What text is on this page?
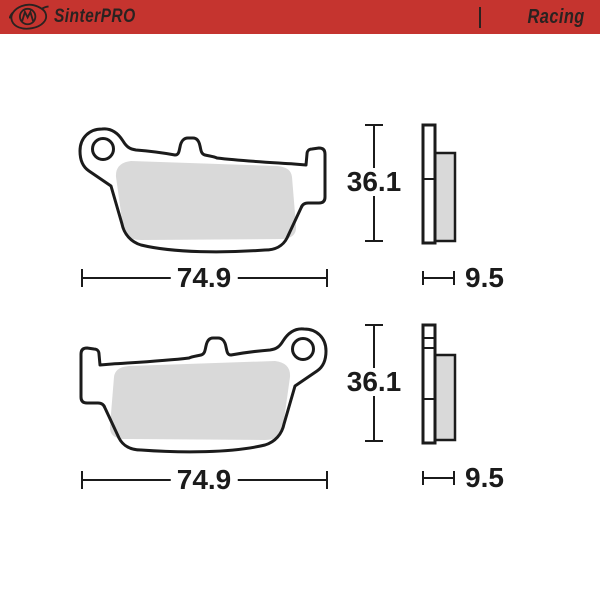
SinterPRO	Racing
36.1
74.9	9.5
36.1
74.9	9.5
